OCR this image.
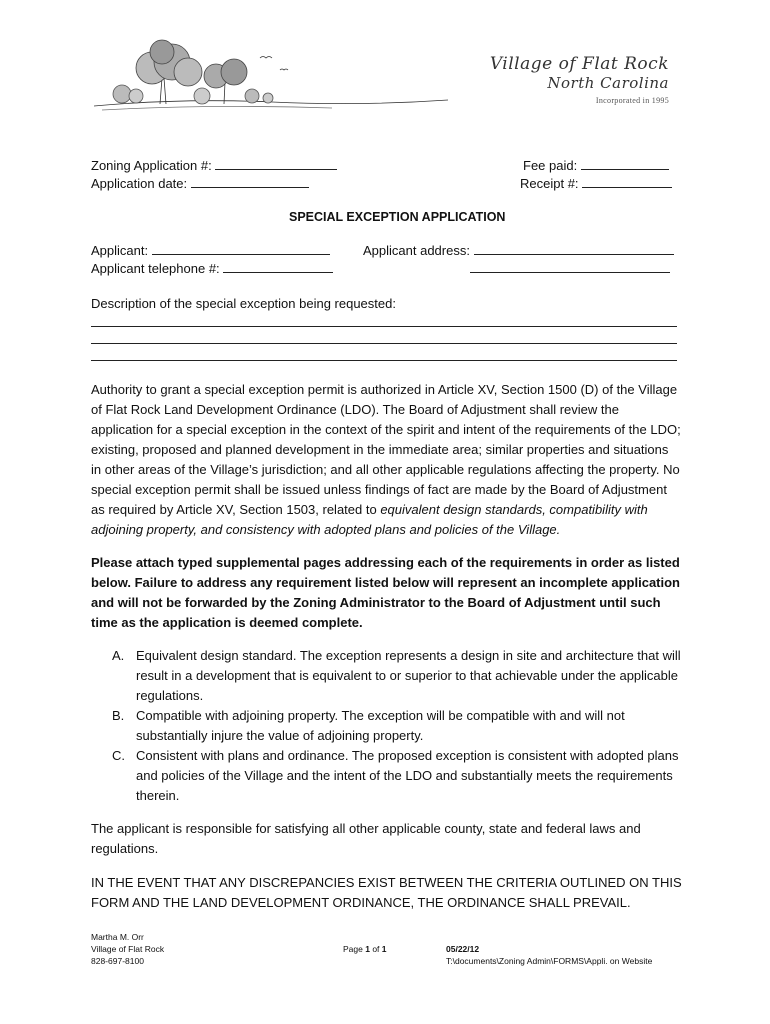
Village of Flat Rock
North Carolina
Incorporated in 1995
Zoning Application #:
Application date:
Fee paid:
Receipt #:
SPECIAL EXCEPTION APPLICATION
Applicant:
Applicant telephone #:
Applicant address:
Description of the special exception being requested:
Authority to grant a special exception permit is authorized in Article XV, Section 1500 (D) of the Village of Flat Rock Land Development Ordinance (LDO). The Board of Adjustment shall review the application for a special exception in the context of the spirit and intent of the requirements of the LDO; existing, proposed and planned development in the immediate area; similar properties and situations in other areas of the Village’s jurisdiction; and all other applicable regulations affecting the property. No special exception permit shall be issued unless findings of fact are made by the Board of Adjustment as required by Article XV, Section 1503, related to equivalent design standards, compatibility with adjoining property, and consistency with adopted plans and policies of the Village.
Please attach typed supplemental pages addressing each of the requirements in order as listed below. Failure to address any requirement listed below will represent an incomplete application and will not be forwarded by the Zoning Administrator to the Board of Adjustment until such time as the application is deemed complete.
A. Equivalent design standard. The exception represents a design in site and architecture that will result in a development that is equivalent to or superior to that achievable under the applicable regulations.
B. Compatible with adjoining property. The exception will be compatible with and will not substantially injure the value of adjoining property.
C. Consistent with plans and ordinance. The proposed exception is consistent with adopted plans and policies of the Village and the intent of the LDO and substantially meets the requirements therein.
The applicant is responsible for satisfying all other applicable county, state and federal laws and regulations.
IN THE EVENT THAT ANY DISCREPANCIES EXIST BETWEEN THE CRITERIA OUTLINED ON THIS FORM AND THE LAND DEVELOPMENT ORDINANCE, THE ORDINANCE SHALL PREVAIL.
Martha M. Orr
Village of Flat Rock
828-697-8100
Page 1 of 1	05/22/12
T:\documents\Zoning Admin\FORMS\Appli. on Website
